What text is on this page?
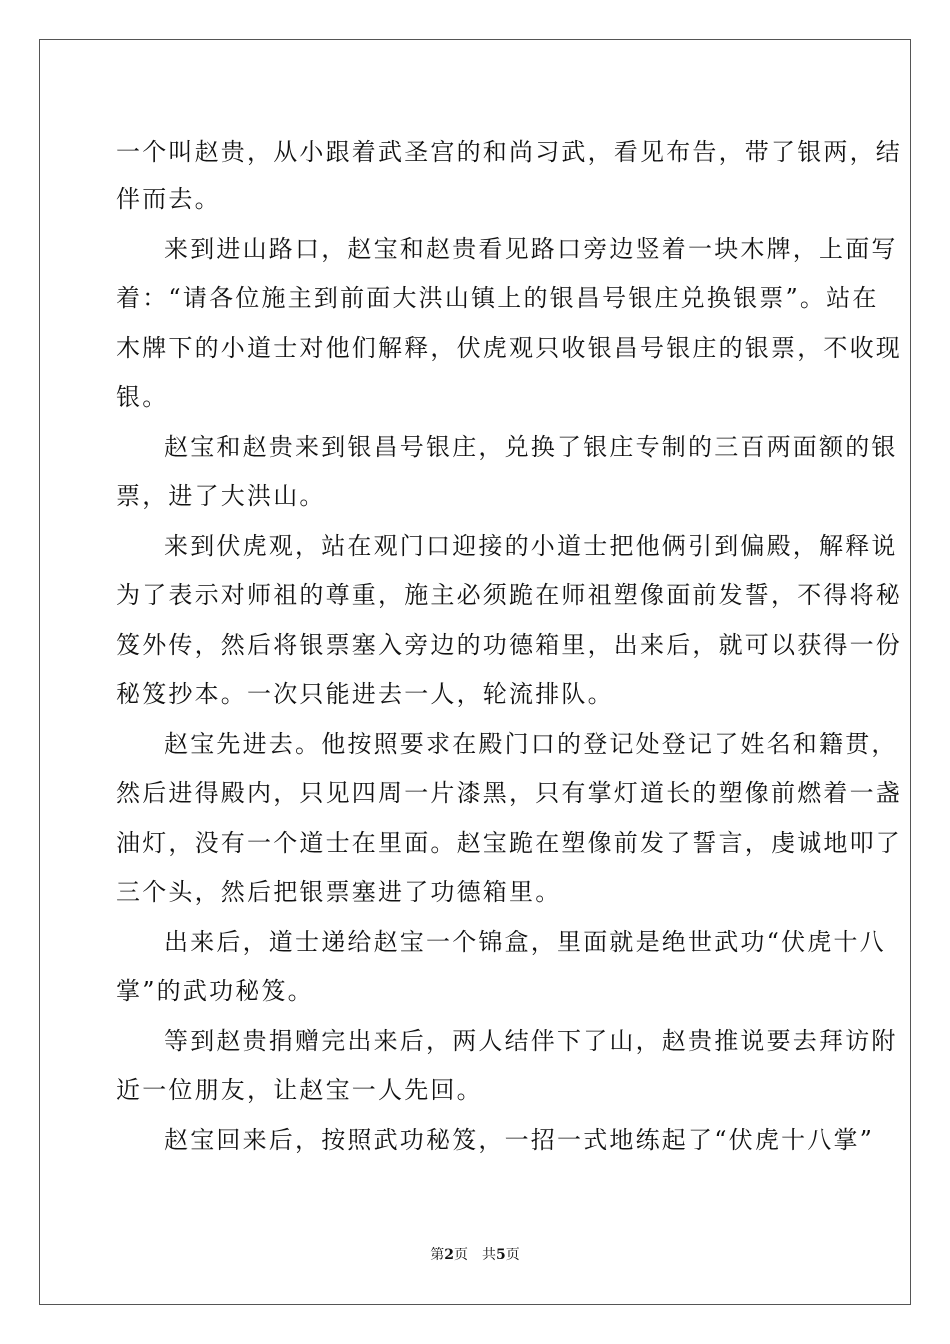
一个叫赵贵，从小跟着武圣宫的和尚习武，看见布告，带了银两，结
伴而去。
来到进山路口，赵宝和赵贵看见路口旁边竖着一块木牌，上面写
着：“请各位施主到前面大洪山镇上的银昌号银庄兑换银票”。站在
木牌下的小道士对他们解释，伏虎观只收银昌号银庄的银票，不收现
银。
赵宝和赵贵来到银昌号银庄，兑换了银庄专制的三百两面额的银
票，进了大洪山。
来到伏虎观，站在观门口迎接的小道士把他俩引到偏殿，解释说
为了表示对师祖的尊重，施主必须跪在师祖塑像面前发誓，不得将秘
笈外传，然后将银票塞入旁边的功德箱里，出来后，就可以获得一份
秘笈抄本。一次只能进去一人，轮流排队。
赵宝先进去。他按照要求在殿门口的登记处登记了姓名和籍贯，
然后进得殿内，只见四周一片漆黑，只有掌灯道长的塑像前燃着一盏
油灯，没有一个道士在里面。赵宝跪在塑像前发了誓言，虔诚地叩了
三个头，然后把银票塞进了功德箱里。
出来后，道士递给赵宝一个锦盒，里面就是绝世武功“伏虎十八
掌”的武功秘笈。
等到赵贵捐赠完出来后，两人结伴下了山，赵贵推说要去拜访附
近一位朋友，让赵宝一人先回。
赵宝回来后，按照武功秘笈，一招一式地练起了“伏虎十八掌”
第2页　共5页
